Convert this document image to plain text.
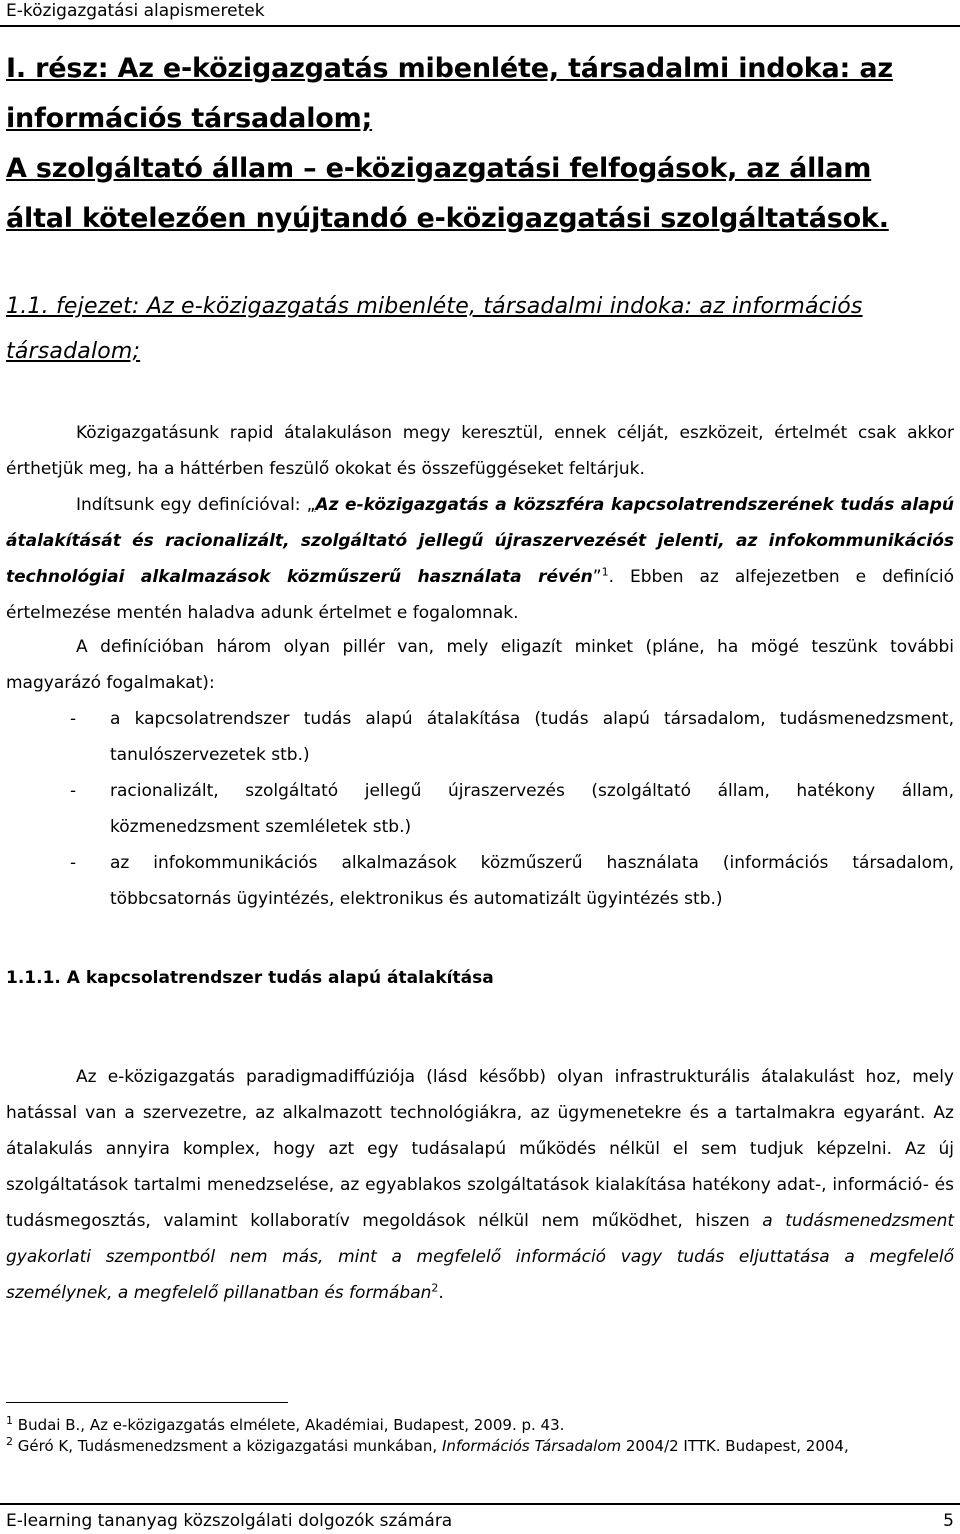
E-közigazgatási alapismeretek
I. rész: Az e-közigazgatás mibenléte, társadalmi indoka: az
információs társadalom;
A szolgáltató állam – e-közigazgatási felfogások, az állam
által kötelezően nyújtandó e-közigazgatási szolgáltatások.
1.1. fejezet: Az e-közigazgatás mibenléte, társadalmi indoka: az információs
társadalom;

Közigazgatásunk rapid átalakuláson megy keresztül, ennek célját, eszközeit, értelmét csak akkor érthetjük meg, ha a háttérben feszülő okokat és összefüggéseket feltárjuk.

Indítsunk egy definícióval: „Az e-közigazgatás a közszféra kapcsolatrendszerének tudás alapú átalakítását és racionalizált, szolgáltató jellegű újraszervezését jelenti, az infokommunikációs technológiai alkalmazások közműszerű használata révén”$^1$. Ebben az alfejezetben e definíció értelmezése mentén haladva adunk értelmet e fogalomnak.

A definícióban három olyan pillér van, mely eligazít minket (pláne, ha mögé teszünk további magyarázó fogalmakat):

- a kapcsolatrendszer tudás alapú átalakítása (tudás alapú társadalom, tudásmenedzsment, tanulószervezetek stb.)
- racionalizált, szolgáltató jellegű újraszervezés (szolgáltató állam, hatékony állam, közmenedzsment szemléletek stb.)
- az infokommunikációs alkalmazások közműszerű használata (információs társadalom, többcsatornás ügyintézés, elektronikus és automatizált ügyintézés stb.)
1.1.1. A kapcsolatrendszer tudás alapú átalakítása

Az e-közigazgatás paradigmadiffúziója (lásd később) olyan infrastrukturális átalakulást hoz, mely hatással van a szervezetre, az alkalmazott technológiákra, az ügymenetekre és a tartalmakra egyaránt. Az átalakulás annyira komplex, hogy azt egy tudásalapú működés nélkül el sem tudjuk képzelni. Az új szolgáltatások tartalmi menedzselése, az egyablakos szolgáltatások kialakítása hatékony adat-, információ- és tudásmegosztás, valamint kollaboratív megoldások nélkül nem működhet, hiszen a tudásmenedzsment gyakorlati szempontból nem más, mint a megfelelő információ vagy tudás eljuttatása a megfelelő személynek, a megfelelő pillanatban és formában$^2$.

$^1$ Budai B., Az e-közigazgatás elmélete, Akadémiai, Budapest, 2009. p. 43.

$^2$ Géró K, Tudásmenedzsment a közigazgatási munkában, Információs Társadalom 2004/2 ITTK. Budapest, 2004,

E-learning tananyag közszolgálati dolgozók számára	5
